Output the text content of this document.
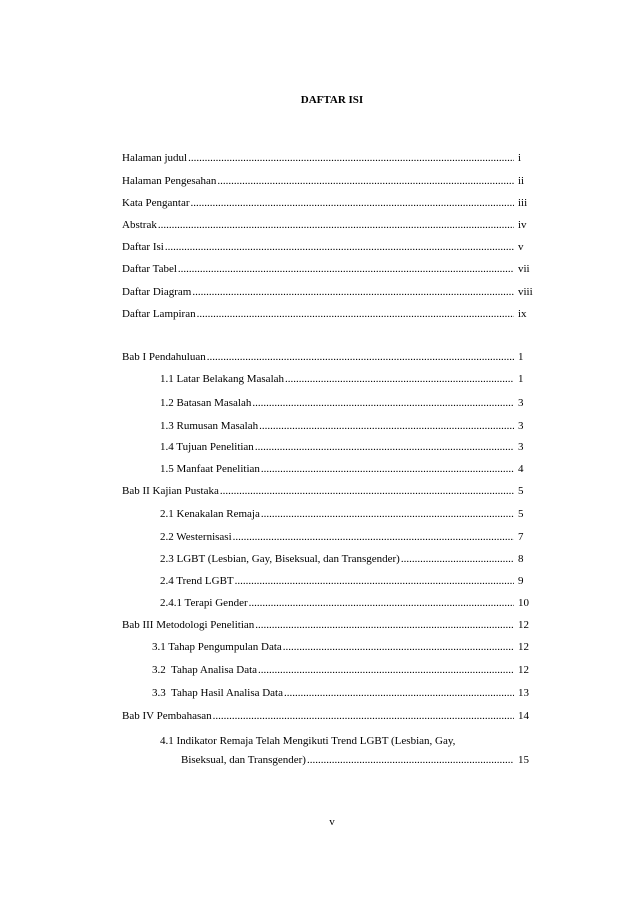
DAFTAR ISI
Halaman judul .....	i
Halaman Pengesahan .....	ii
Kata Pengantar .....	iii
Abstrak .....	iv
Daftar Isi .....	v
Daftar Tabel .....	vii
Daftar Diagram .....	viii
Daftar Lampiran .....	ix
Bab I Pendahuluan .....	1
1.1 Latar Belakang Masalah .....	1
1.2 Batasan Masalah .....	3
1.3 Rumusan Masalah .....	3
1.4 Tujuan Penelitian .....	3
1.5 Manfaat Penelitian .....	4
Bab II Kajian Pustaka .....	5
2.1 Kenakalan Remaja .....	5
2.2 Westernisasi .....	7
2.3 LGBT (Lesbian, Gay, Biseksual, dan Transgender) .....	8
2.4 Trend LGBT .....	9
2.4.1 Terapi Gender .....	10
Bab III Metodologi Penelitian .....	12
3.1 Tahap Pengumpulan Data .....	12
3.2  Tahap Analisa Data .....	12
3.3  Tahap Hasil Analisa Data .....	13
Bab IV Pembahasan .....	14
4.1 Indikator Remaja Telah Mengikuti Trend LGBT (Lesbian, Gay,
Biseksual, dan Transgender) .....	15
v
